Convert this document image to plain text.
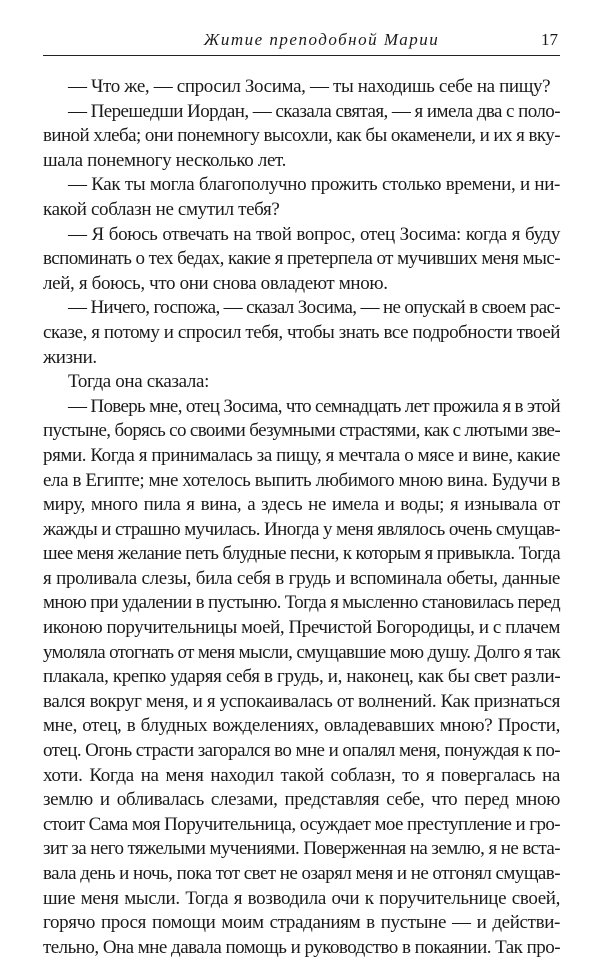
Житие преподобной Марии	17
— Что же, — спросил Зосима, — ты находишь себе на пищу?
— Перешедши Иордан, — сказала святая, — я имела два с поло-
виной хлеба; они понемногу высохли, как бы окаменели, и их я вку-
шала понемногу несколько лет.
— Как ты могла благополучно прожить столько времени, и ни-
какой соблазн не смутил тебя?
— Я боюсь отвечать на твой вопрос, отец Зосима: когда я буду
вспоминать о тех бедах, какие я претерпела от мучивших меня мыс-
лей, я боюсь, что они снова овладеют мною.
— Ничего, госпожа, — сказал Зосима, — не опускай в своем рас-
сказе, я потому и спросил тебя, чтобы знать все подробности твоей
жизни.
Тогда она сказала:
— Поверь мне, отец Зосима, что семнадцать лет прожила я в этой
пустыне, борясь со своими безумными страстями, как с лютыми зве-
рями. Когда я принималась за пищу, я мечтала о мясе и вине, какие
ела в Египте; мне хотелось выпить любимого мною вина. Будучи в
миру, много пила я вина, а здесь не имела и воды; я изнывала от
жажды и страшно мучилась. Иногда у меня являлось очень смущав-
шее меня желание петь блудные песни, к которым я привыкла. Тогда
я проливала слезы, била себя в грудь и вспоминала обеты, данные
мною при удалении в пустыню. Тогда я мысленно становилась перед
иконою поручительницы моей, Пречистой Богородицы, и с плачем
умоляла отогнать от меня мысли, смущавшие мою душу. Долго я так
плакала, крепко ударяя себя в грудь, и, наконец, как бы свет разли-
вался вокруг меня, и я успокаивалась от волнений. Как признаться
мне, отец, в блудных вожделениях, овладевавших мною? Прости,
отец. Огонь страсти загорался во мне и опалял меня, понуждая к по-
хоти. Когда на меня находил такой соблазн, то я повергалась на
землю и обливалась слезами, представляя себе, что перед мною
стоит Сама моя Поручительница, осуждает мое преступление и гро-
зит за него тяжелыми мучениями. Поверженная на землю, я не вста-
вала день и ночь, пока тот свет не озарял меня и не отгонял смущав-
шие меня мысли. Тогда я возводила очи к поручительнице своей,
горячо прося помощи моим страданиям в пустыне — и действи-
тельно, Она мне давала помощь и руководство в покаянии. Так про-
